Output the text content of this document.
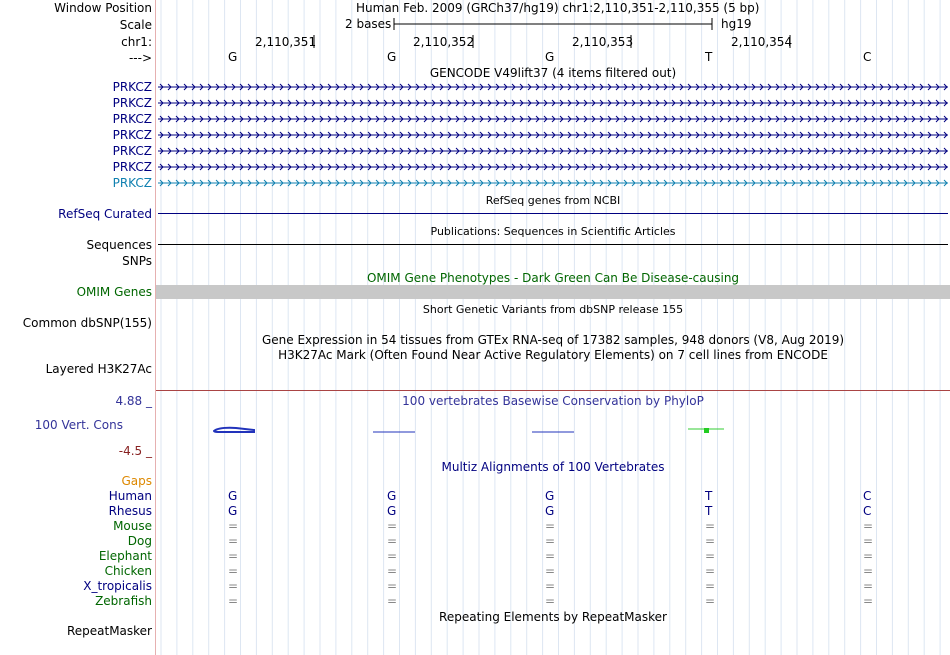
Window Position	Human Feb. 2009 (GRCh37/hg19) chr1:2,110,351-2,110,355 (5 bp)
Scale	2 bases	hg19
chr1:	2,110,351	2,110,352	2,110,353	2,110,354
--->	G	G	G	T	C
GENCODE V49lift37 (4 items filtered out)
PRKCZ
PRKCZ
PRKCZ
PRKCZ
PRKCZ
PRKCZ
PRKCZ
RefSeq genes from NCBI
RefSeq Curated
Publications: Sequences in Scientific Articles
Sequences
SNPs
OMIM Gene Phenotypes - Dark Green Can Be Disease-causing
OMIM Genes
Short Genetic Variants from dbSNP release 155
Common dbSNP(155)
Gene Expression in 54 tissues from GTEx RNA-seq of 17382 samples, 948 donors (V8, Aug 2019)
H3K27Ac Mark (Often Found Near Active Regulatory Elements) on 7 cell lines from ENCODE
Layered H3K27Ac
100 vertebrates Basewise Conservation by PhyloP
4.88 _
100 Vert. Cons
-4.5 _
Multiz Alignments of 100 Vertebrates
Gaps
Human	G	G	G	T	C
Rhesus	G	G	G	T	C
Mouse	=	=	=	=	=
Dog	=	=	=	=	=
Elephant	=	=	=	=	=
Chicken	=	=	=	=	=
X_tropicalis	=	=	=	=	=
Zebrafish	=	=	=	=	=
Repeating Elements by RepeatMasker
RepeatMasker
